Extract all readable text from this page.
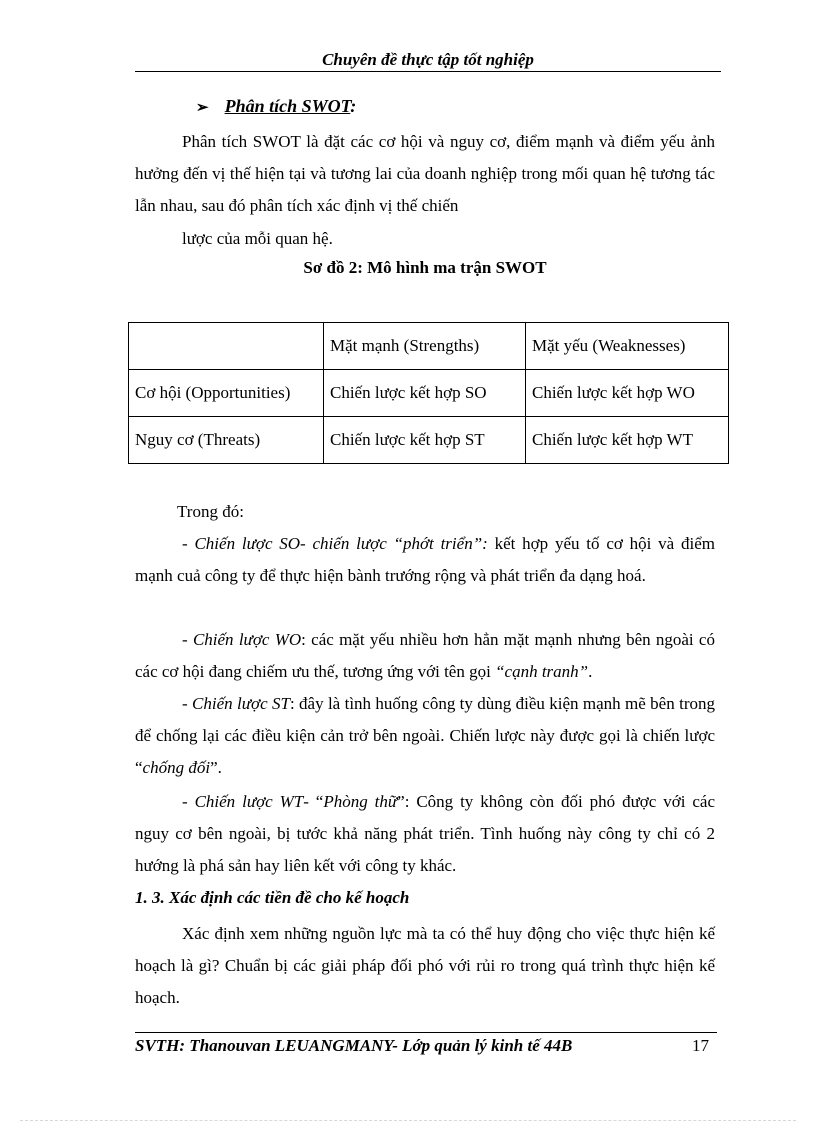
Chuyên đề thực tập tốt nghiệp
➢ Phân tích SWOT:
Phân tích SWOT là đặt các cơ hội và nguy cơ, điểm mạnh và điểm yếu ảnh hưởng đến vị thế hiện tại và tương lai của doanh nghiệp trong mối quan hệ tương tác lẫn nhau, sau đó phân tích xác định vị thế chiến
lược của mỗi quan hệ.
Sơ đồ 2: Mô hình ma trận SWOT
	Mặt mạnh (Strengths)	Mặt yếu (Weaknesses)
Cơ hội (Opportunities)	Chiến lược kết hợp SO	Chiến lược kết hợp WO
Nguy cơ (Threats)	Chiến lược kết hợp ST	Chiến lược kết hợp WT
Trong đó:
- Chiến lược SO- chiến lược “phớt triển”: kết hợp yếu tố cơ hội và điểm mạnh cuả công ty để thực hiện bành trướng rộng và phát triển đa dạng hoá.
- Chiến lược WO: các mặt yếu nhiều hơn hẳn mặt mạnh nhưng bên ngoài có các cơ hội đang chiếm ưu thế, tương ứng với tên gọi “cạnh tranh”.
- Chiến lược ST: đây là tình huống công ty dùng điều kiện mạnh mẽ bên trong để chống lại các điều kiện cản trở bên ngoài. Chiến lược này được gọi là chiến lược “chống đối”.
- Chiến lược WT- “Phòng thữ”: Công ty không còn đối phó được với các nguy cơ bên ngoài, bị tước khả năng phát triển. Tình huống này công ty chỉ có 2 hướng là phá sản hay liên kết với công ty khác.
1. 3. Xác định các tiền đề cho kế hoạch
Xác định xem những nguồn lực mà ta có thể huy động cho việc thực hiện kế hoạch là gì? Chuẩn bị các giải pháp đối phó với rủi ro trong quá trình thực hiện kế hoạch.
SVTH: Thanouvan LEUANGMANY- Lớp quản lý kinh tế 44B	17
